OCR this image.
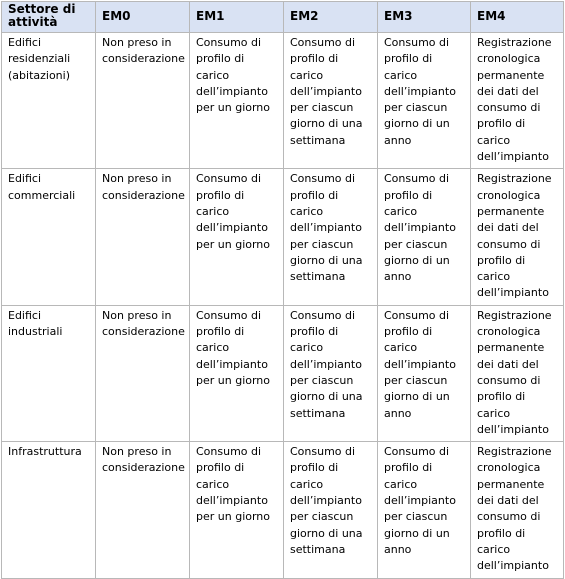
Settore di attività	EM0	EM1	EM2	EM3	EM4
Edifici residenziali (abitazioni)	Non preso in considerazione	Consumo di profilo di carico dell’impianto per un giorno	Consumo di profilo di carico dell’impianto per ciascun giorno di una settimana	Consumo di profilo di carico dell’impianto per ciascun giorno di un anno	Registrazione cronologica permanente dei dati del consumo di profilo di carico dell’impianto
Edifici commerciali	Non preso in considerazione	Consumo di profilo di carico dell’impianto per un giorno	Consumo di profilo di carico dell’impianto per ciascun giorno di una settimana	Consumo di profilo di carico dell’impianto per ciascun giorno di un anno	Registrazione cronologica permanente dei dati del consumo di profilo di carico dell’impianto
Edifici industriali	Non preso in considerazione	Consumo di profilo di carico dell’impianto per un giorno	Consumo di profilo di carico dell’impianto per ciascun giorno di una settimana	Consumo di profilo di carico dell’impianto per ciascun giorno di un anno	Registrazione cronologica permanente dei dati del consumo di profilo di carico dell’impianto
Infrastruttura	Non preso in considerazione	Consumo di profilo di carico dell’impianto per un giorno	Consumo di profilo di carico dell’impianto per ciascun giorno di una settimana	Consumo di profilo di carico dell’impianto per ciascun giorno di un anno	Registrazione cronologica permanente dei dati del consumo di profilo di carico dell’impianto
